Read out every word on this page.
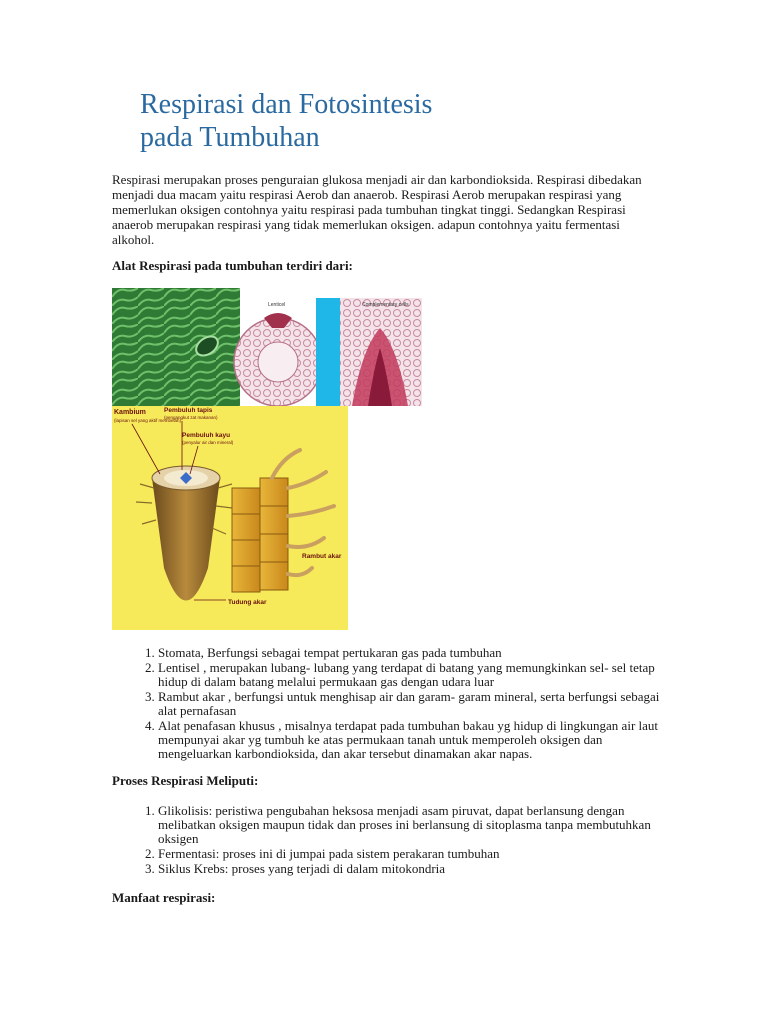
Respirasi dan Fotosintesis
pada Tumbuhan

Respirasi merupakan proses penguraian glukosa menjadi air dan karbondioksida. Respirasi dibedakan menjadi dua macam yaitu respirasi Aerob dan anaerob. Respirasi Aerob merupakan respirasi yang memerlukan oksigen contohnya yaitu respirasi pada tumbuhan tingkat tinggi. Sedangkan Respirasi anaerob merupakan respirasi yang tidak memerlukan oksigen. adapun contohnya yaitu fermentasi alkohol.

Alat Respirasi pada tumbuhan terdiri dari:

Lenticel	Complementary cells
Kambium
(lapisan sel yang aktif membelah)
Pembuluh tapis
(pengangkut zat makanan)
Pembuluh kayu
(penyalur air dan mineral)
Rambut akar
Tudung akar
1. Stomata, Berfungsi sebagai tempat pertukaran gas pada tumbuhan
2. Lentisel , merupakan lubang- lubang yang terdapat di batang yang memungkinkan sel- sel tetap hidup di dalam batang melalui permukaan gas dengan udara luar
3. Rambut akar , berfungsi untuk menghisap air dan garam- garam mineral, serta berfungsi sebagai alat pernafasan
4. Alat penafasan khusus , misalnya terdapat pada tumbuhan bakau yg hidup di lingkungan air laut mempunyai akar yg tumbuh ke atas permukaan tanah untuk memperoleh oksigen dan mengeluarkan karbondioksida, dan akar tersebut dinamakan akar napas.

Proses Respirasi Meliputi:

1. Glikolisis: peristiwa pengubahan heksosa menjadi asam piruvat, dapat berlansung dengan melibatkan oksigen maupun tidak dan proses ini berlansung di sitoplasma tanpa membutuhkan oksigen
2. Fermentasi: proses ini di jumpai pada sistem perakaran tumbuhan
3. Siklus Krebs: proses yang terjadi di dalam mitokondria

Manfaat respirasi:
